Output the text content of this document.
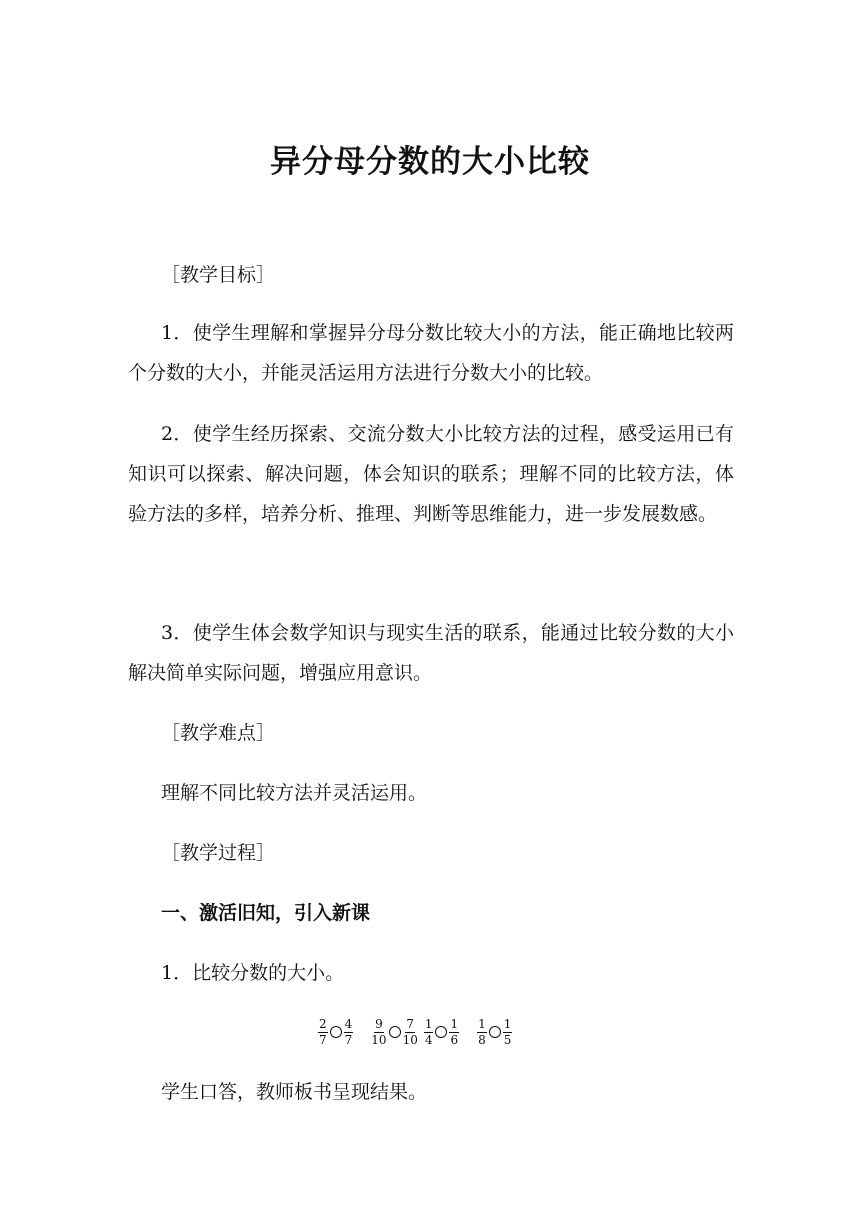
异分母分数的大小比较

［教学目标］

1．使学生理解和掌握异分母分数比较大小的方法，能正确地比较两个分数的大小，并能灵活运用方法进行分数大小的比较。

2．使学生经历探索、交流分数大小比较方法的过程，感受运用已有知识可以探索、解决问题，体会知识的联系；理解不同的比较方法，体验方法的多样，培养分析、推理、判断等思维能力，进一步发展数感。

3．使学生体会数学知识与现实生活的联系，能通过比较分数的大小解决简单实际问题，增强应用意识。

［教学难点］

理解不同比较方法并灵活运用。

［教学过程］

一、激活旧知，引入新课

1．比较分数的大小。

$\frac{2}{7} \frac{4}{7} \frac{9}{10} \frac{7}{10} \frac{1}{4} \frac{1}{6} \frac{1}{8} \frac{1}{5}$

学生口答，教师板书呈现结果。
